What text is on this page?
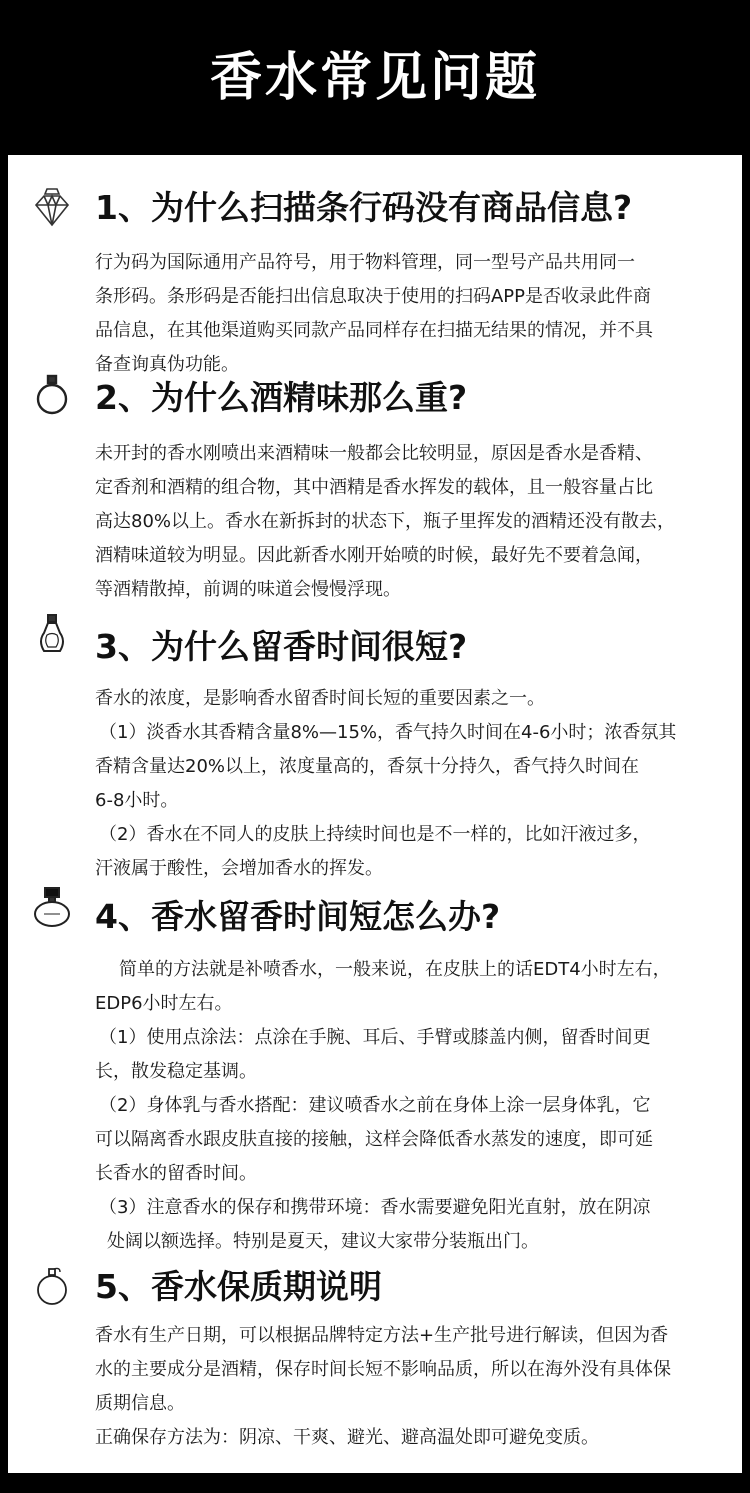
香水常见问题
1、为什么扫描条行码没有商品信息?
行为码为国际通用产品符号，用于物料管理，同一型号产品共用同一
条形码。条形码是否能扫出信息取决于使用的扫码APP是否收录此件商
品信息，在其他渠道购买同款产品同样存在扫描无结果的情况，并不具
备查询真伪功能。
2、为什么酒精味那么重?
未开封的香水刚喷出来酒精味一般都会比较明显，原因是香水是香精、
定香剂和酒精的组合物，其中酒精是香水挥发的载体，且一般容量占比
高达80%以上。香水在新拆封的状态下，瓶子里挥发的酒精还没有散去，
酒精味道较为明显。因此新香水刚开始喷的时候，最好先不要着急闻，
等酒精散掉，前调的味道会慢慢浮现。
3、为什么留香时间很短?
香水的浓度，是影响香水留香时间长短的重要因素之一。
（1）淡香水其香精含量8%—15%，香气持久时间在4-6小时；浓香氛其
香精含量达20%以上，浓度量高的，香氛十分持久，香气持久时间在
6-8小时。
（2）香水在不同人的皮肤上持续时间也是不一样的，比如汗液过多，
汗液属于酸性，会增加香水的挥发。
4、香水留香时间短怎么办?
简单的方法就是补喷香水，一般来说，在皮肤上的话EDT4小时左右，
EDP6小时左右。
（1）使用点涂法：点涂在手腕、耳后、手臂或膝盖内侧，留香时间更
长，散发稳定基调。
（2）身体乳与香水搭配：建议喷香水之前在身体上涂一层身体乳，它
可以隔离香水跟皮肤直接的接触，这样会降低香水蒸发的速度，即可延
长香水的留香时间。
（3）注意香水的保存和携带环境：香水需要避免阳光直射，放在阴凉
处阔以额选择。特别是夏天，建议大家带分装瓶出门。
5、香水保质期说明
香水有生产日期，可以根据品牌特定方法+生产批号进行解读，但因为香
水的主要成分是酒精，保存时间长短不影响品质，所以在海外没有具体保
质期信息。
正确保存方法为：阴凉、干爽、避光、避高温处即可避免变质。
